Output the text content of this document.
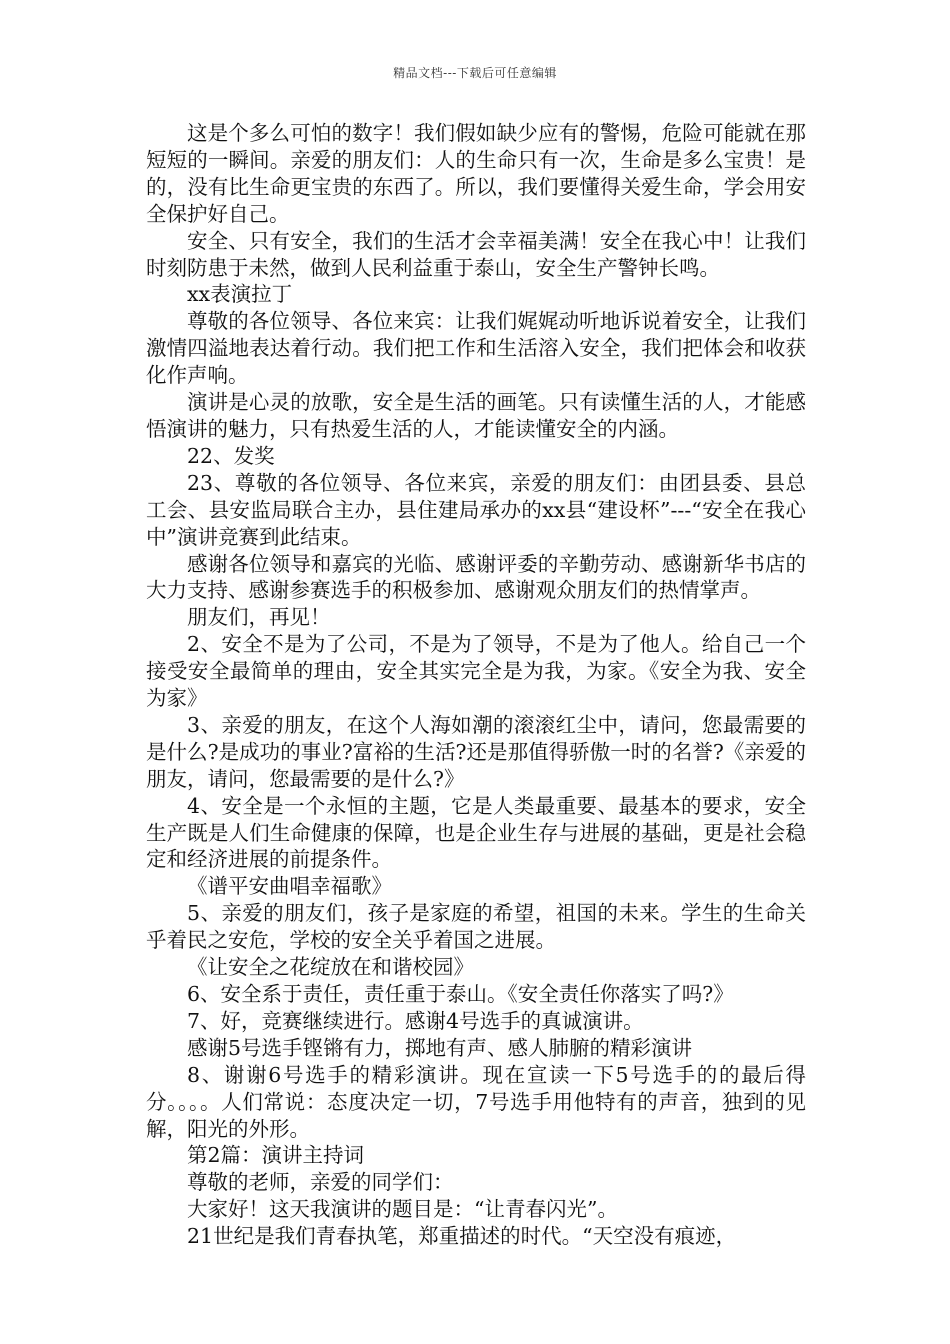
精品文档---下载后可任意编辑

这是个多么可怕的数字！我们假如缺少应有的警惕，危险可能就在那短短的一瞬间。亲爱的朋友们：人的生命只有一次，生命是多么宝贵！是的，没有比生命更宝贵的东西了。所以，我们要懂得关爱生命，学会用安全保护好自己。

安全、只有安全，我们的生活才会幸福美满！安全在我心中！让我们时刻防患于未然，做到人民利益重于泰山，安全生产警钟长鸣。

xx表演拉丁

尊敬的各位领导、各位来宾：让我们娓娓动听地诉说着安全，让我们激情四溢地表达着行动。我们把工作和生活溶入安全，我们把体会和收获化作声响。

演讲是心灵的放歌，安全是生活的画笔。只有读懂生活的人，才能感悟演讲的魅力，只有热爱生活的人，才能读懂安全的内涵。

22、发奖

23、尊敬的各位领导、各位来宾，亲爱的朋友们：由团县委、县总工会、县安监局联合主办，县住建局承办的xx县“建设杯”---“安全在我心中”演讲竞赛到此结束。

感谢各位领导和嘉宾的光临、感谢评委的辛勤劳动、感谢新华书店的大力支持、感谢参赛选手的积极参加、感谢观众朋友们的热情掌声。

朋友们，再见！

2、安全不是为了公司，不是为了领导，不是为了他人。给自己一个接受安全最简单的理由，安全其实完全是为我，为家。《安全为我、安全为家》

3、亲爱的朋友，在这个人海如潮的滚滚红尘中，请问，您最需要的是什么?是成功的事业?富裕的生活?还是那值得骄傲一时的名誉?《亲爱的朋友，请问，您最需要的是什么?》

4、安全是一个永恒的主题，它是人类最重要、最基本的要求，安全生产既是人们生命健康的保障，也是企业生存与进展的基础，更是社会稳定和经济进展的前提条件。

《谱平安曲唱幸福歌》

5、亲爱的朋友们，孩子是家庭的希望，祖国的未来。学生的生命关乎着民之安危，学校的安全关乎着国之进展。

《让安全之花绽放在和谐校园》

6、安全系于责任，责任重于泰山。《安全责任你落实了吗?》

7、好，竞赛继续进行。感谢4号选手的真诚演讲。

感谢5号选手铿锵有力，掷地有声、感人肺腑的精彩演讲

8、谢谢6号选手的精彩演讲。现在宣读一下5号选手的的最后得分。。。。人们常说：态度决定一切，7号选手用他特有的声音，独到的见解，阳光的外形。

第2篇：演讲主持词

尊敬的老师，亲爱的同学们：

大家好！这天我演讲的题目是：“让青春闪光”。

21世纪是我们青春执笔，郑重描述的时代。“天空没有痕迹，
